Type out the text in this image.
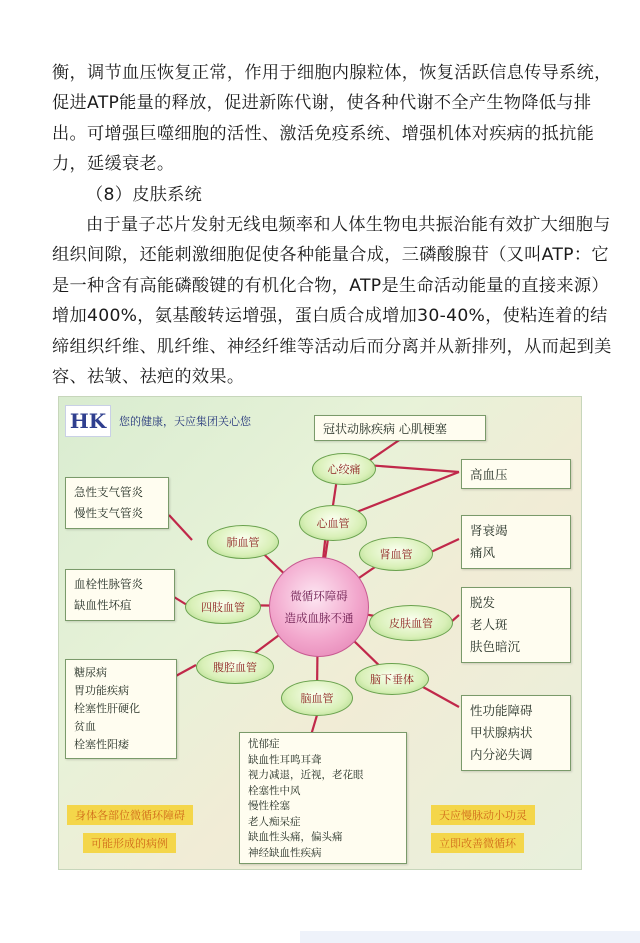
衡，调节血压恢复正常，作用于细胞内腺粒体，恢复活跃信息传导系统，促进ATP能量的释放，促进新陈代谢，使各种代谢不全产生物降低与排出。可增强巨噬细胞的活性、激活免疫系统、增强机体对疾病的抵抗能力，延缓衰老。

（8）皮肤系统

由于量子芯片发射无线电频率和人体生物电共振治能有效扩大细胞与组织间隙，还能刺激细胞促使各种能量合成，三磷酸腺苷（又叫ATP：它是一种含有高能磷酸键的有机化合物，ATP是生命活动能量的直接来源）增加400%，氨基酸转运增强，蛋白质合成增加30-40%，使粘连着的结缔组织纤维、肌纤维、神经纤维等活动后而分离并从新排列，从而起到美容、祛皱、祛疤的效果。

HK	您的健康，天应集团关心您
冠状动脉疾病 心肌梗塞
高血压
肾衰竭
痛风
脱发
老人斑
肤色暗沉
性功能障碍
甲状腺病状
内分泌失调
急性支气管炎
慢性支气管炎
血栓性脉管炎
缺血性坏疽
糖尿病
胃功能疾病
栓塞性肝硬化
贫血
栓塞性阳痿	忧郁症
缺血性耳鸣耳聋
视力减退，近视，老花眼
栓塞性中风
慢性栓塞
老人痴呆症
缺血性头痛，偏头痛
神经缺血性疾病
心绞痛
心血管
肺血管
肾血管
四肢血管
皮肤血管
腹腔血管
脑血管
脑下垂体
微循环障碍
造成血脉不通
身体各部位微循环障碍
可能形成的病例
天应慢脉动小功灵
立即改善微循环
